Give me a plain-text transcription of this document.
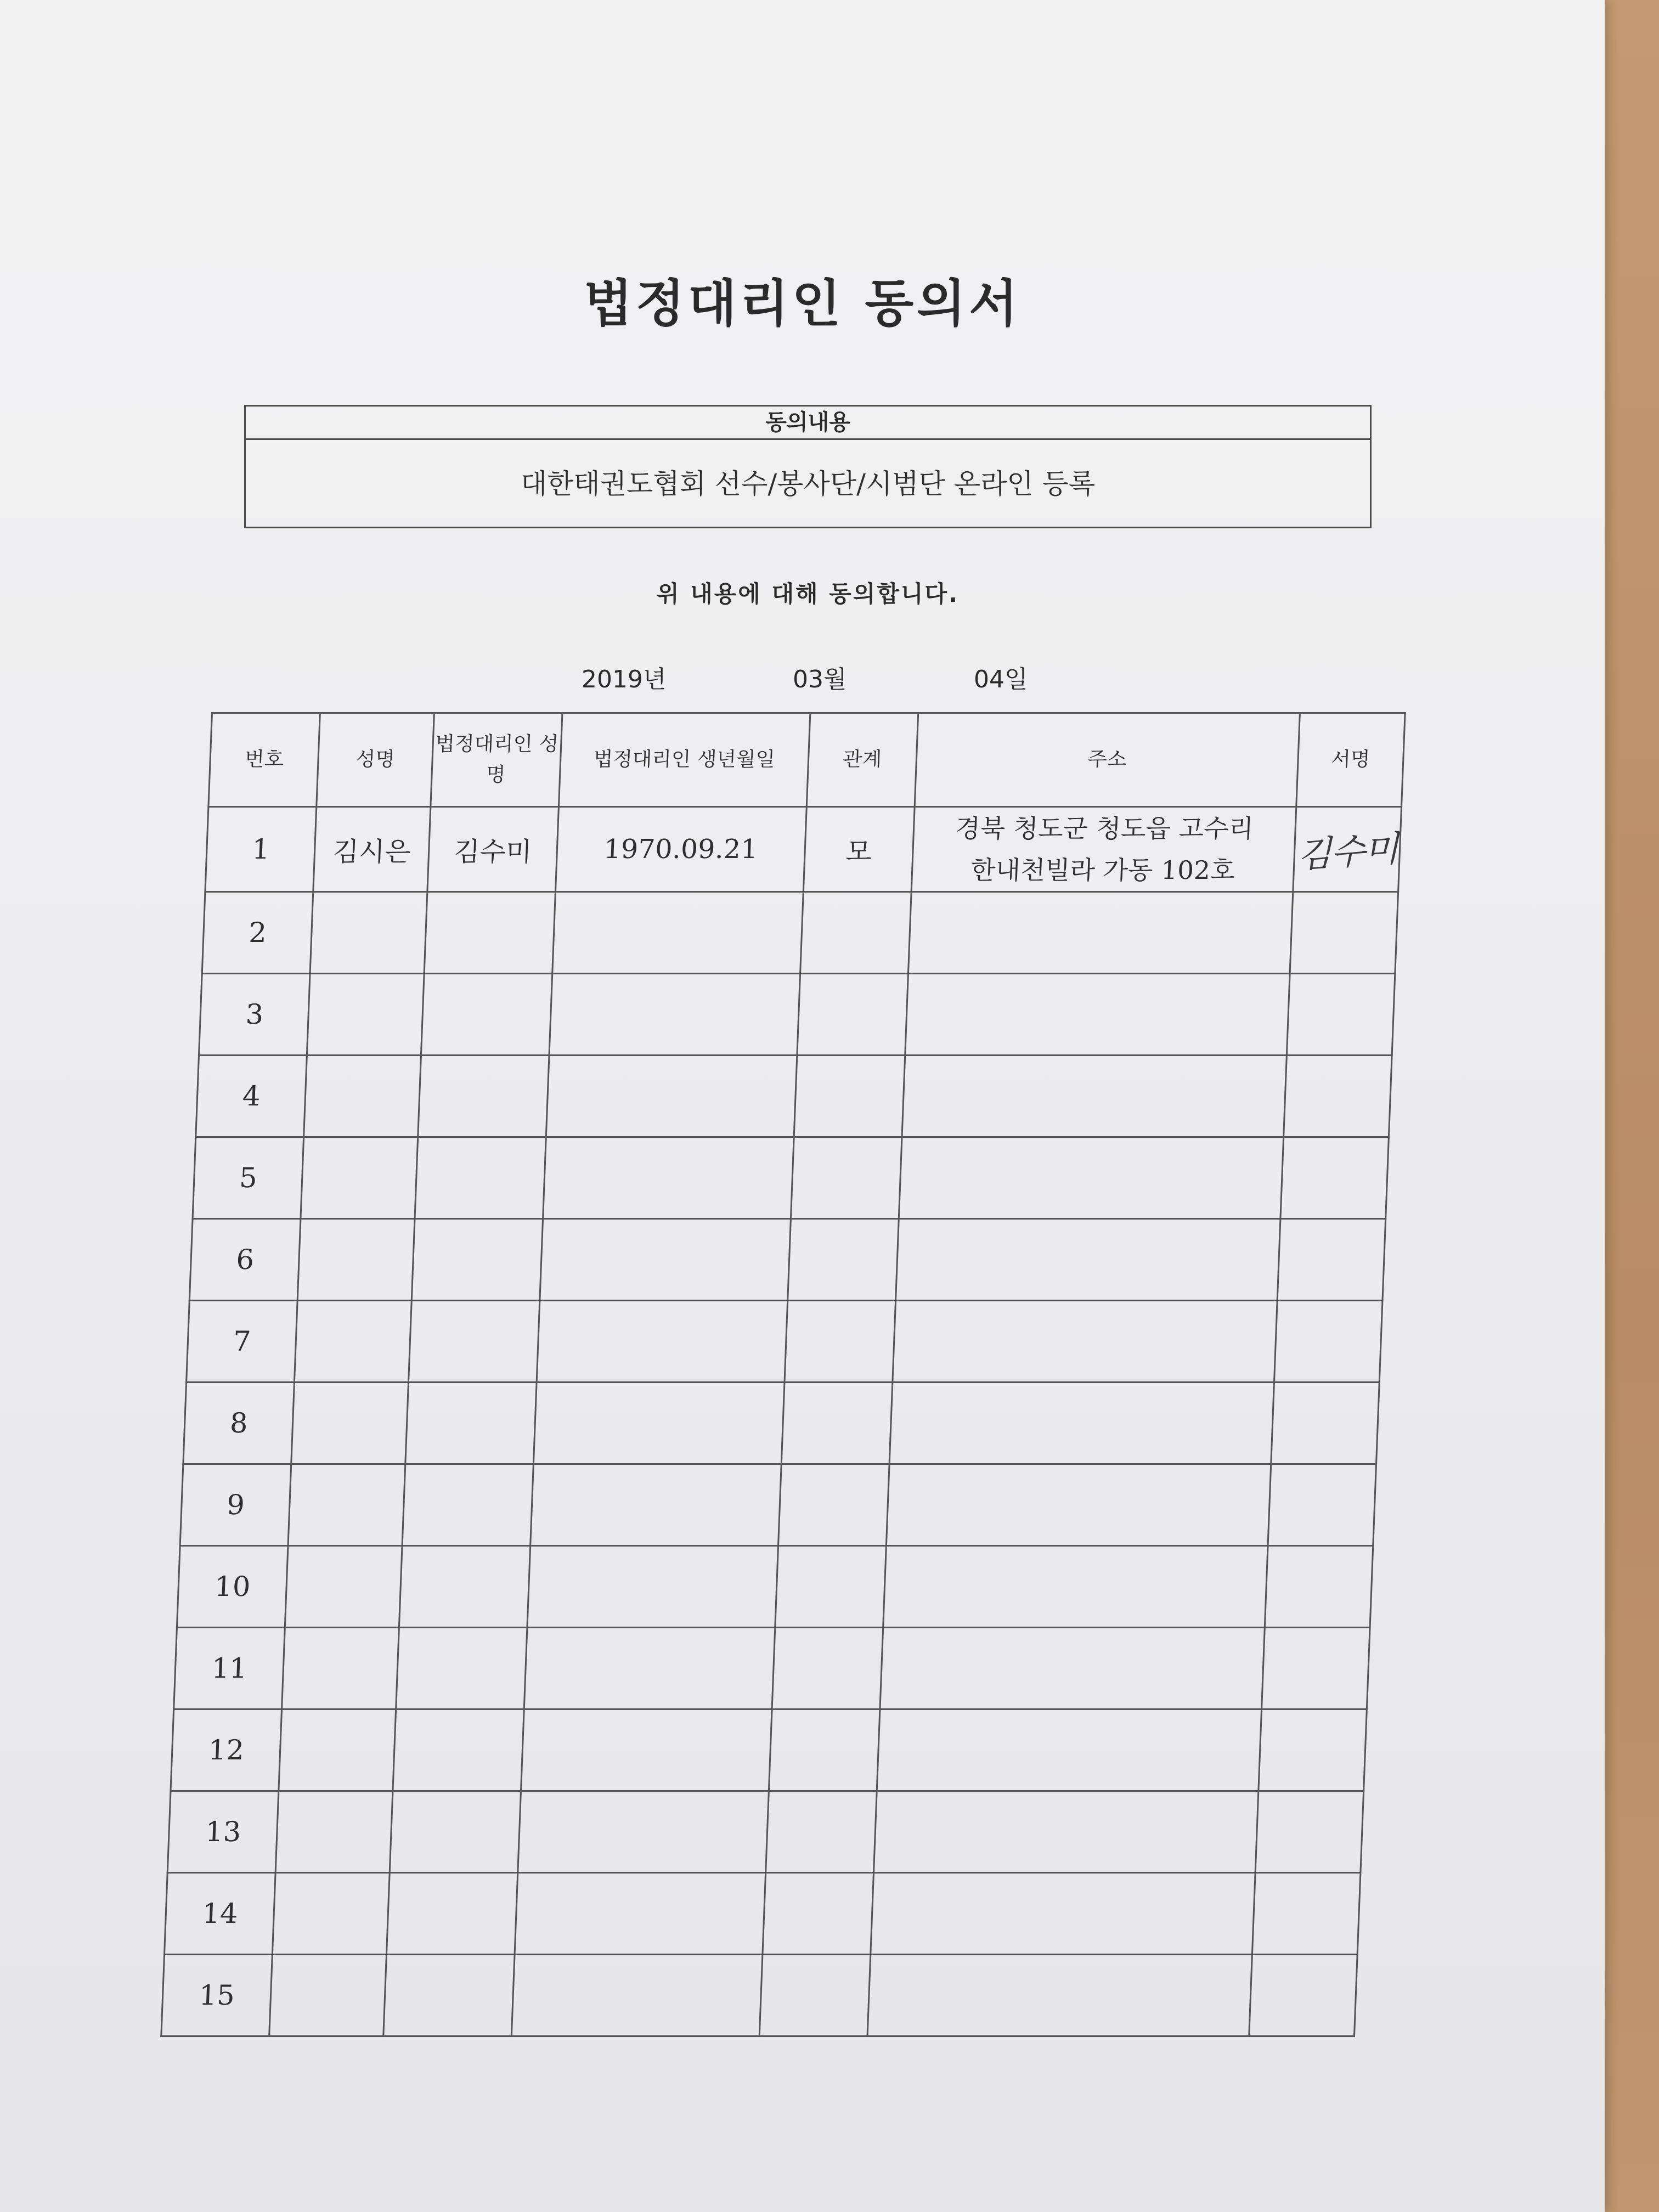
법정대리인 동의서
동의내용
대한태권도협회 선수/봉사단/시범단 온라인 등록
위 내용에 대해 동의합니다.
2019년	03월	04일
번호	성명	법정대리인 성명	법정대리인 생년월일	관계	주소	서명
1	김시은	김수미	1970.09.21	모	경북 청도군 청도읍 고수리
한내천빌라 가동 102호	김수미
2						
3						
4						
5						
6						
7						
8						
9						
10						
11						
12						
13						
14						
15						
